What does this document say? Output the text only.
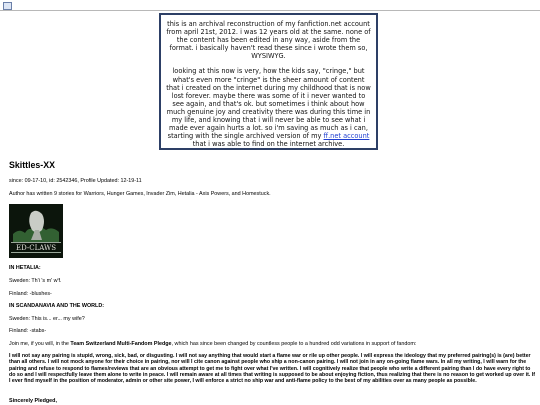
this is an archival reconstruction of my fanfiction.net account from april 21st, 2012. i was 12 years old at the same. none of the content has been edited in any way, aside from the format. i basically haven't read these since i wrote them so, WYSIWYG.

looking at this now is very, how the kids say, "cringe," but what's even more "cringe" is the sheer amount of content that i created on the internet during my childhood that is now lost forever. maybe there was some of it i never wanted to see again, and that's ok. but sometimes i think about how much genuine joy and creativity there was during this time in my life, and knowing that i will never be able to see what i made ever again hurts a lot. so i'm saving as much as i can, starting with the single archived version of my ff.net account that i was able to find on the internet archive.

Skittles-XX
since: 09-17-10, id: 2542346, Profile Updated: 12-19-11
Author has written 9 stories for Warriors, Hunger Games, Invader Zim, Hetalia - Axis Powers, and Homestuck.
ED-CLAWS
IN HETALIA:
Sweden: Th'i 's m' w'f.
Finland: -blushes-
IN SCANDANAVIA AND THE WORLD:
Sweden: This is... er... my wife?
Finland: -stabs-
Join me, if you will, in the Team Switzerland Multi-Fandom Pledge, which has since been changed by countless people to a hundred odd variations in support of fandom:
I will not say any pairing is stupid, wrong, sick, bad, or disgusting. I will not say anything that would start a flame war or rile up other people. I will express the ideology that my preferred pairing(s) is (are) better than all others. I will not mock anyone for their choice in pairing, nor will I cite canon against people who ship a non-canon pairing. I will not join in any on-going flame wars. In all my writing, I will warn for the pairing and refuse to respond to flames/reviews that are an obvious attempt to get me to fight over what I've written. I will cognitively realize that people who write a different pairing than I do have every right to do so and I will respectfully leave them alone to write in peace. I will remain aware at all times that writing is supposed to be about enjoying fiction, thus realizing that there is no reason to get worked up over it. If I ever find myself in the position of moderator, admin or other site power, I will enforce a strict no ship war and anti-flame policy to the best of my abilities over as many people as possible.
Sincerely Pledged,
